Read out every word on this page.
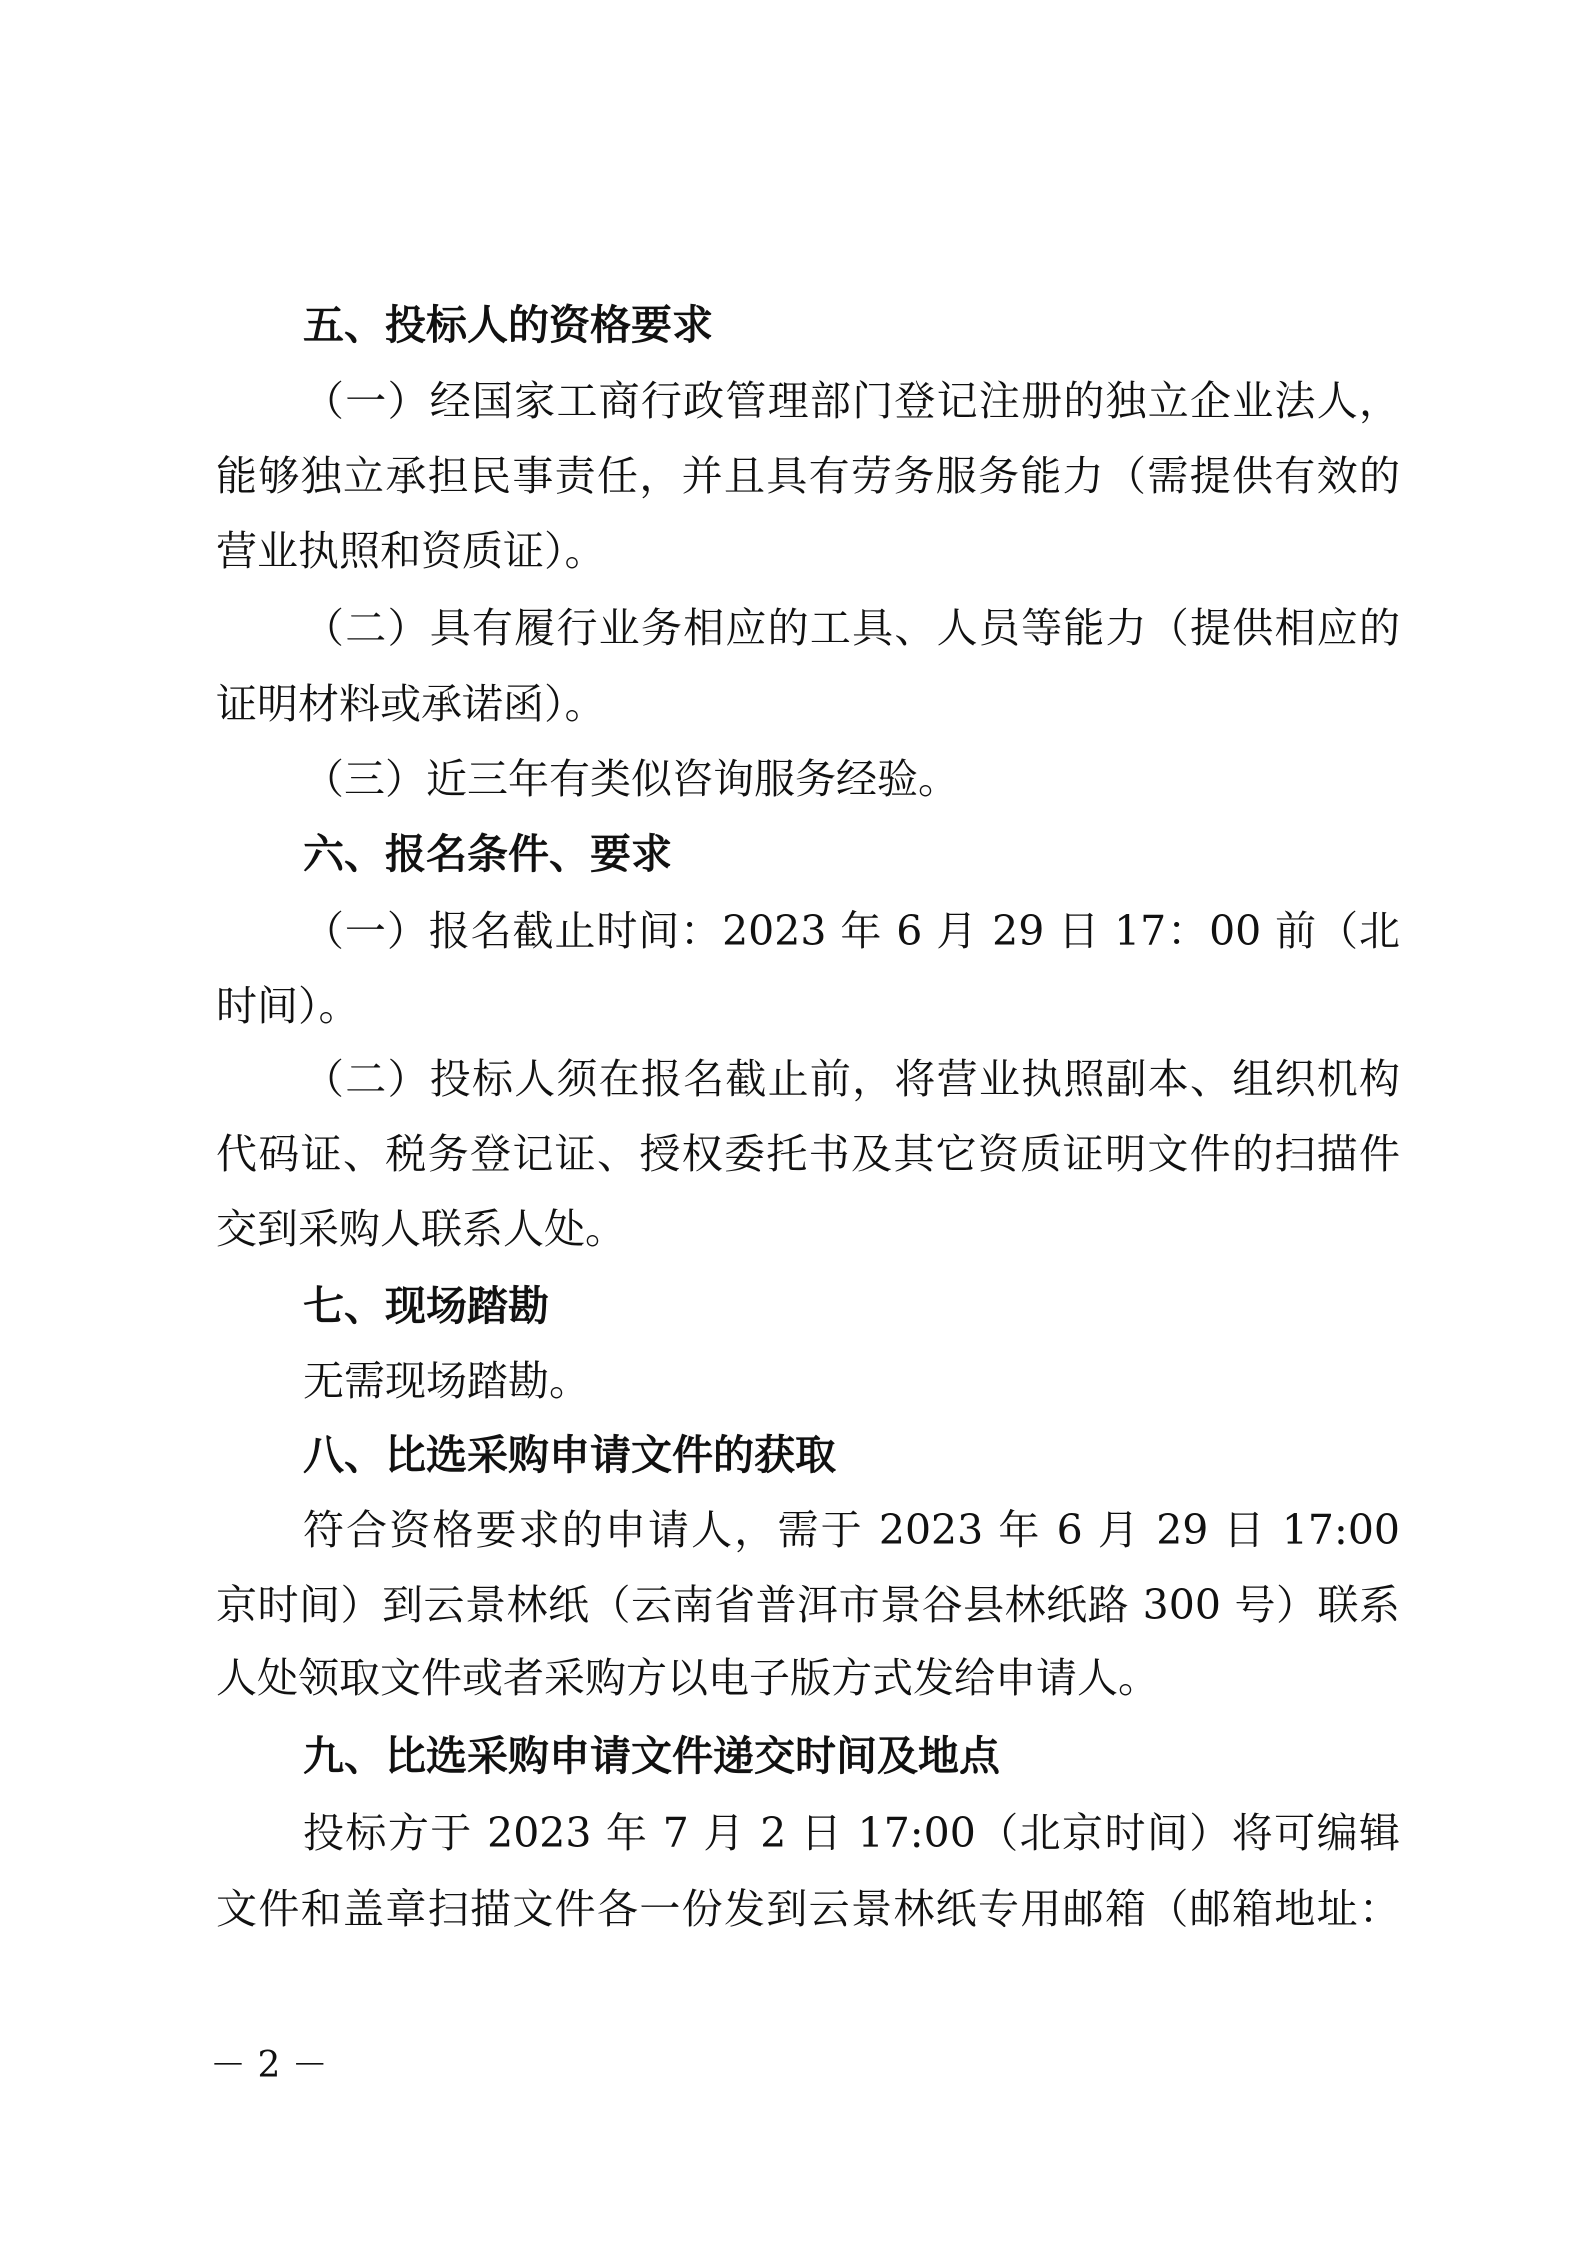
五、投标人的资格要求
（一）经国家工商行政管理部门登记注册的独立企业法人，
能够独立承担民事责任，并且具有劳务服务能力（需提供有效的
营业执照和资质证）。
（二）具有履行业务相应的工具、人员等能力（提供相应的
证明材料或承诺函）。
（三）近三年有类似咨询服务经验。
六、报名条件、要求
（一）报名截止时间：2023 年 6 月 29 日 17：00 前（北
时间）。
（二）投标人须在报名截止前，将营业执照副本、组织机构
代码证、税务登记证、授权委托书及其它资质证明文件的扫描件
交到采购人联系人处。
七、现场踏勘
无需现场踏勘。
八、比选采购申请文件的获取
符合资格要求的申请人，需于 2023 年 6 月 29 日 17:00
京时间）到云景林纸（云南省普洱市景谷县林纸路 300 号）联系
人处领取文件或者采购方以电子版方式发给申请人。
九、比选采购申请文件递交时间及地点
投标方于 2023 年 7 月 2 日 17:00（北京时间）将可编辑
文件和盖章扫描文件各一份发到云景林纸专用邮箱（邮箱地址：
－ 2 －
